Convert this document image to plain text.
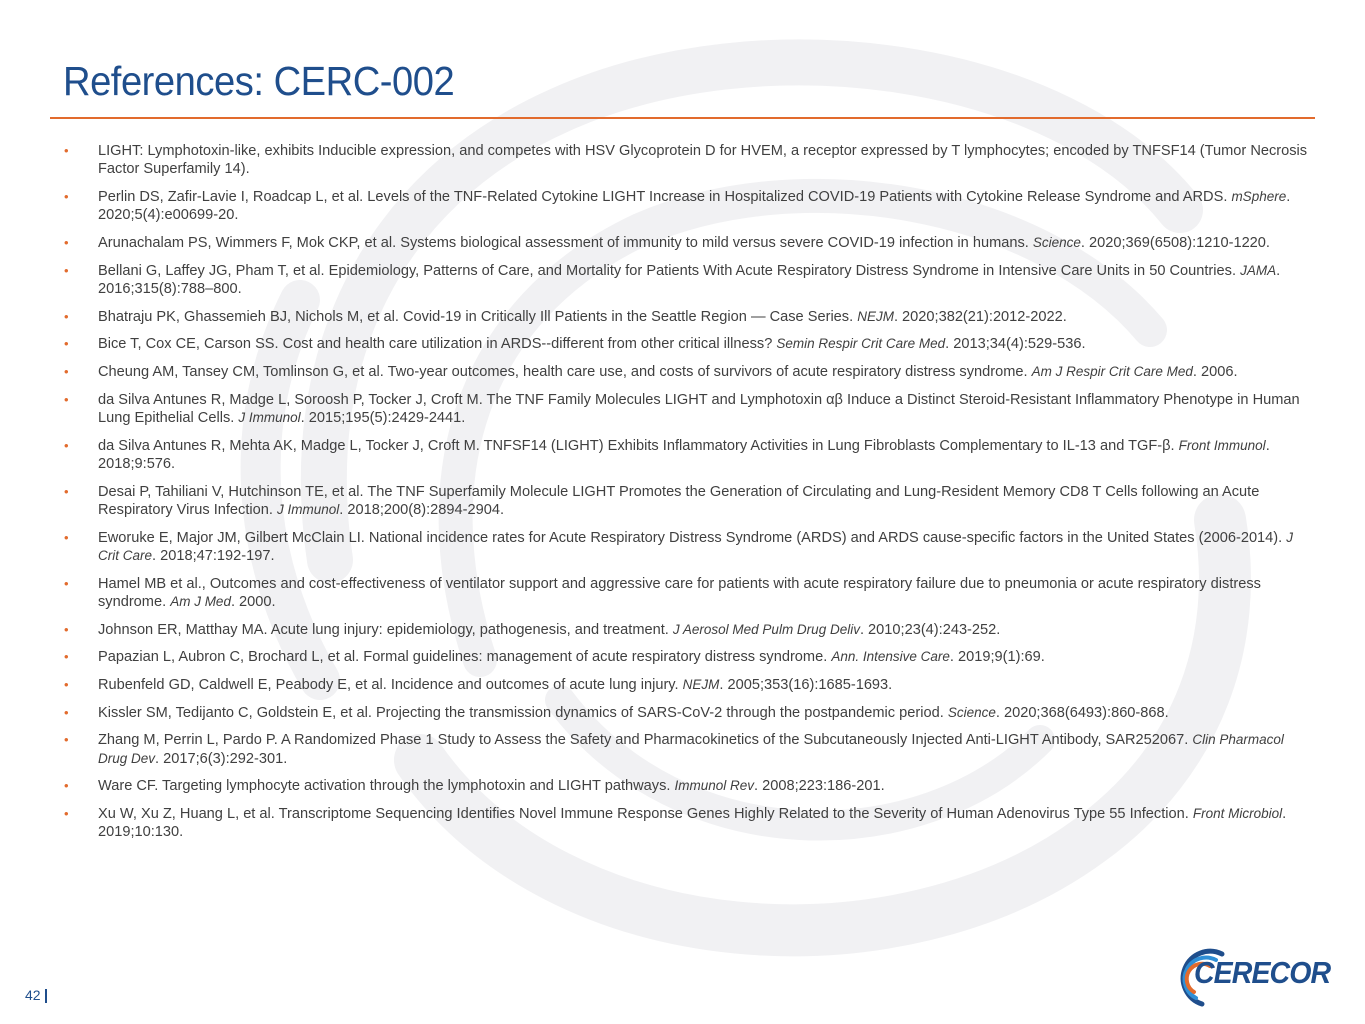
References: CERC-002
• LIGHT: Lymphotoxin-like, exhibits Inducible expression, and competes with HSV Glycoprotein D for HVEM, a receptor expressed by T lymphocytes; encoded by TNFSF14 (Tumor Necrosis Factor Superfamily 14).
• Perlin DS, Zafir-Lavie I, Roadcap L, et al. Levels of the TNF-Related Cytokine LIGHT Increase in Hospitalized COVID-19 Patients with Cytokine Release Syndrome and ARDS. mSphere. 2020;5(4):e00699-20.
• Arunachalam PS, Wimmers F, Mok CKP, et al. Systems biological assessment of immunity to mild versus severe COVID-19 infection in humans. Science. 2020;369(6508):1210-1220.
• Bellani G, Laffey JG, Pham T, et al. Epidemiology, Patterns of Care, and Mortality for Patients With Acute Respiratory Distress Syndrome in Intensive Care Units in 50 Countries. JAMA. 2016;315(8):788–800.
• Bhatraju PK, Ghassemieh BJ, Nichols M, et al. Covid-19 in Critically Ill Patients in the Seattle Region — Case Series. NEJM. 2020;382(21):2012-2022.
• Bice T, Cox CE, Carson SS. Cost and health care utilization in ARDS--different from other critical illness? Semin Respir Crit Care Med. 2013;34(4):529-536.
• Cheung AM, Tansey CM, Tomlinson G, et al. Two-year outcomes, health care use, and costs of survivors of acute respiratory distress syndrome. Am J Respir Crit Care Med. 2006.
• da Silva Antunes R, Madge L, Soroosh P, Tocker J, Croft M. The TNF Family Molecules LIGHT and Lymphotoxin αβ Induce a Distinct Steroid-Resistant Inflammatory Phenotype in Human Lung Epithelial Cells. J Immunol. 2015;195(5):2429-2441.
• da Silva Antunes R, Mehta AK, Madge L, Tocker J, Croft M. TNFSF14 (LIGHT) Exhibits Inflammatory Activities in Lung Fibroblasts Complementary to IL-13 and TGF-β. Front Immunol. 2018;9:576.
• Desai P, Tahiliani V, Hutchinson TE, et al. The TNF Superfamily Molecule LIGHT Promotes the Generation of Circulating and Lung-Resident Memory CD8 T Cells following an Acute Respiratory Virus Infection. J Immunol. 2018;200(8):2894-2904.
• Eworuke E, Major JM, Gilbert McClain LI. National incidence rates for Acute Respiratory Distress Syndrome (ARDS) and ARDS cause-specific factors in the United States (2006-2014). J Crit Care. 2018;47:192-197.
• Hamel MB et al., Outcomes and cost-effectiveness of ventilator support and aggressive care for patients with acute respiratory failure due to pneumonia or acute respiratory distress syndrome. Am J Med. 2000.
• Johnson ER, Matthay MA. Acute lung injury: epidemiology, pathogenesis, and treatment. J Aerosol Med Pulm Drug Deliv. 2010;23(4):243-252.
• Papazian L, Aubron C, Brochard L, et al. Formal guidelines: management of acute respiratory distress syndrome. Ann. Intensive Care. 2019;9(1):69.
• Rubenfeld GD, Caldwell E, Peabody E, et al. Incidence and outcomes of acute lung injury. NEJM. 2005;353(16):1685-1693.
• Kissler SM, Tedijanto C, Goldstein E, et al. Projecting the transmission dynamics of SARS-CoV-2 through the postpandemic period. Science. 2020;368(6493):860-868.
• Zhang M, Perrin L, Pardo P. A Randomized Phase 1 Study to Assess the Safety and Pharmacokinetics of the Subcutaneously Injected Anti-LIGHT Antibody, SAR252067. Clin Pharmacol Drug Dev. 2017;6(3):292-301.
• Ware CF. Targeting lymphocyte activation through the lymphotoxin and LIGHT pathways. Immunol Rev. 2008;223:186-201.
• Xu W, Xu Z, Huang L, et al. Transcriptome Sequencing Identifies Novel Immune Response Genes Highly Related to the Severity of Human Adenovirus Type 55 Infection. Front Microbiol. 2019;10:130.
42
CERECOR
